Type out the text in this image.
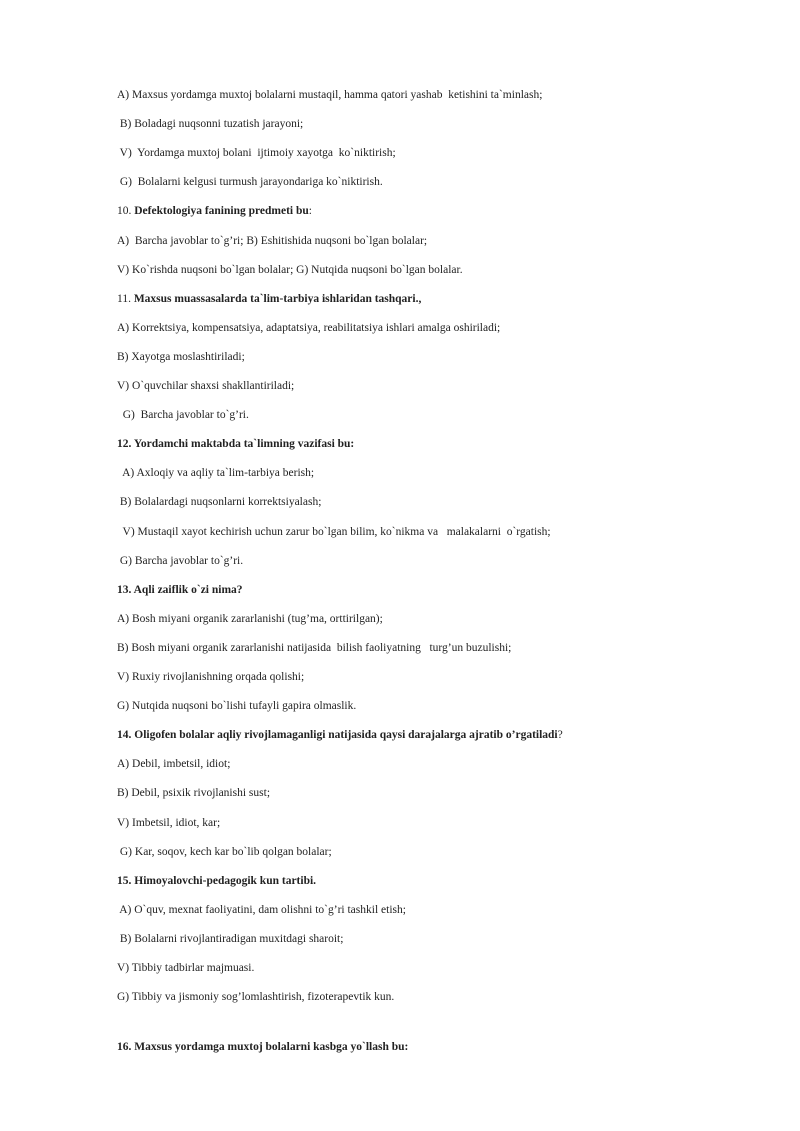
A) Maxsus yordamga muxtoj bolalarni mustaqil, hamma qatori yashab  ketishini ta`minlash;
B) Boladagi nuqsonni tuzatish jarayoni;
V)  Yordamga muxtoj bolani  ijtimoiy xayotga  ko`niktirish;
G)  Bolalarni kelgusi turmush jarayondariga ko`niktirish.
10. Defektologiya fanining predmeti bu:
A)  Barcha javoblar to`g’ri; B) Eshitishida nuqsoni bo`lgan bolalar;
V) Ko`rishda nuqsoni bo`lgan bolalar; G) Nutqida nuqsoni bo`lgan bolalar.
11. Maxsus muassasalarda ta`lim-tarbiya ishlaridan tashqari.,
A) Korrektsiya, kompensatsiya, adaptatsiya, reabilitatsiya ishlari amalga oshiriladi;
B) Xayotga moslashtiriladi;
V) O`quvchilar shaxsi shakllantiriladi;
G)  Barcha javoblar to`g’ri.
12. Yordamchi maktabda ta`limning vazifasi bu:
A) Axloqiy va aqliy ta`lim-tarbiya berish;
B) Bolalardagi nuqsonlarni korrektsiyalash;
V) Mustaqil xayot kechirish uchun zarur bo`lgan bilim, ko`nikma va   malakalarni  o`rgatish;
G) Barcha javoblar to`g’ri.
13. Aqli zaiflik o`zi nima?
A) Bosh miyani organik zararlanishi (tug’ma, orttirilgan);
B) Bosh miyani organik zararlanishi natijasida  bilish faoliyatning   turg’un buzulishi;
V) Ruxiy rivojlanishning orqada qolishi;
G) Nutqida nuqsoni bo`lishi tufayli gapira olmaslik.
14. Oligofen bolalar aqliy rivojlamaganligi natijasida qaysi darajalarga ajratib o’rgatiladi?
A) Debil, imbetsil, idiot;
B) Debil, psixik rivojlanishi sust;
V) Imbetsil, idiot, kar;
G) Kar, soqov, kech kar bo`lib qolgan bolalar;
15. Himoyalovchi-pedagogik kun tartibi.
A) O`quv, mexnat faoliyatini, dam olishni to`g’ri tashkil etish;
B) Bolalarni rivojlantiradigan muxitdagi sharoit;
V) Tibbiy tadbirlar majmuasi.
G) Tibbiy va jismoniy sog’lomlashtirish, fizoterapevtik kun.
16. Maxsus yordamga muxtoj bolalarni kasbga yo`llash bu:
